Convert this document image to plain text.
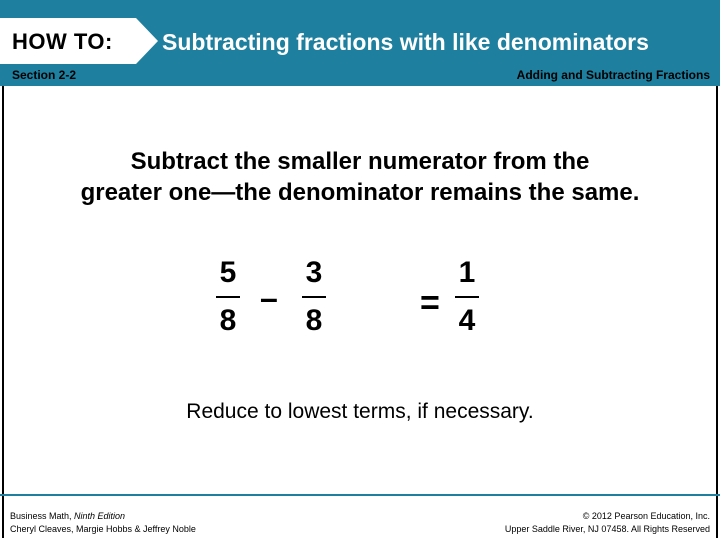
HOW TO: Subtracting fractions with like denominators
Section 2-2	Adding and Subtracting Fractions
Subtract the smaller numerator from the
greater one—the denominator remains the same.
5
8
–
3
8	=
1
4
Reduce to lowest terms, if necessary.
Business Math, Ninth Edition
Cheryl Cleaves, Margie Hobbs & Jeffrey Noble
© 2012 Pearson Education, Inc.
Upper Saddle River, NJ 07458. All Rights Reserved
